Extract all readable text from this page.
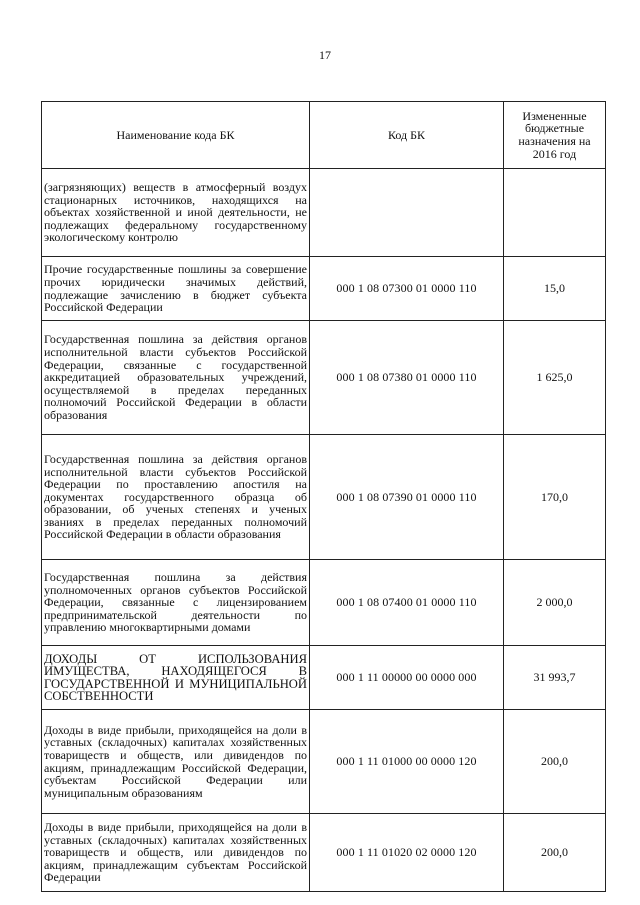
17
Наименование кода БК	Код БК	Измененные бюджетные назначения на 2016 год
(загрязняющих) веществ в атмосферный воздух стационарных источников, находящихся на объектах хозяйственной и иной деятельности, не подлежащих федеральному государственному экологическому контролю		
Прочие государственные пошлины за совершение прочих юридически значимых действий, подлежащие зачислению в бюджет субъекта Российской Федерации	000 1 08 07300 01 0000 110	15,0
Государственная пошлина за действия органов исполнительной власти субъектов Российской Федерации, связанные с государственной аккредитацией образовательных учреждений, осуществляемой в пределах переданных полномочий Российской Федерации в области образования	000 1 08 07380 01 0000 110	1 625,0
Государственная пошлина за действия органов исполнительной власти субъектов Российской Федерации по проставлению апостиля на документах государственного образца об образовании, об ученых степенях и ученых званиях в пределах переданных полномочий Российской Федерации в области образования	000 1 08 07390 01 0000 110	170,0
Государственная пошлина за действия уполномоченных органов субъектов Российской Федерации, связанные с лицензированием предпринимательской деятельности по управлению многоквартирными домами	000 1 08 07400 01 0000 110	2 000,0
ДОХОДЫ ОТ ИСПОЛЬЗОВАНИЯ ИМУЩЕСТВА, НАХОДЯЩЕГОСЯ В ГОСУДАРСТВЕННОЙ И МУНИЦИПАЛЬНОЙ СОБСТВЕННОСТИ	000 1 11 00000 00 0000 000	31 993,7
Доходы в виде прибыли, приходящейся на доли в уставных (складочных) капиталах хозяйственных товариществ и обществ, или дивидендов по акциям, принадлежащим Российской Федерации, субъектам Российской Федерации или муниципальным образованиям	000 1 11 01000 00 0000 120	200,0
Доходы в виде прибыли, приходящейся на доли в уставных (складочных) капиталах хозяйственных товариществ и обществ, или дивидендов по акциям, принадлежащим субъектам Российской Федерации	000 1 11 01020 02 0000 120	200,0
